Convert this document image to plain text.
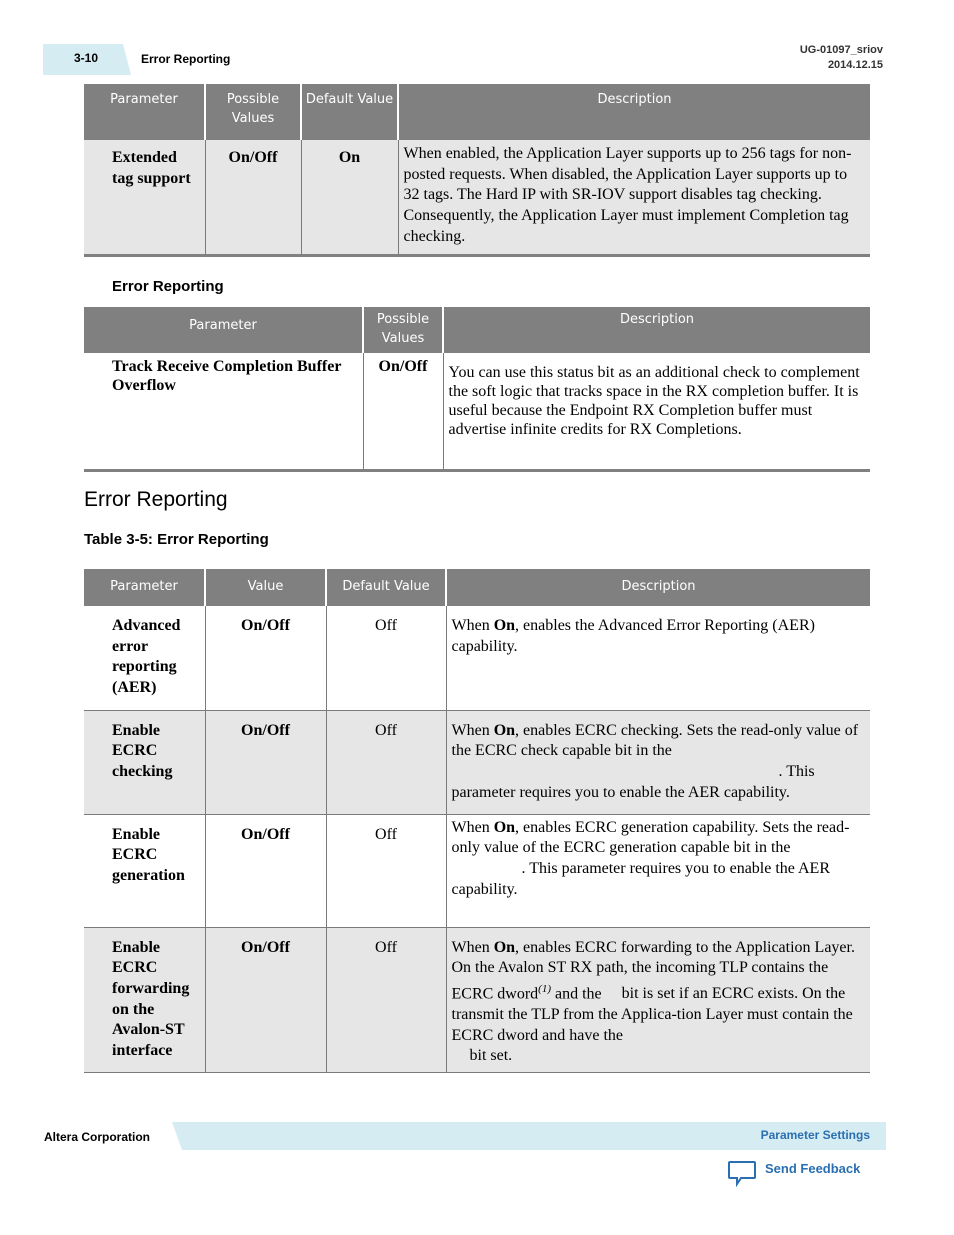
3-10	Error Reporting
UG-01097_sriov
2014.12.15
Parameter	Possible Values	Default Value	Description
Extended tag support	On/Off	On	When enabled, the Application Layer supports up to 256 tags for non-posted requests. When disabled, the Application Layer supports up to 32 tags. The Hard IP with SR-IOV support disables tag checking. Consequently, the Application Layer must implement Completion tag checking.
Error Reporting
Parameter	Possible Values	Description
Track Receive Completion Buffer Overflow	On/Off	You can use this status bit as an additional check to complement the soft logic that tracks space in the RX completion buffer. It is useful because the Endpoint RX Completion buffer must advertise infinite credits for RX Completions.
Error Reporting
Table 3-5: Error Reporting
Parameter	Value	Default Value	Description
Advanced error reporting (AER)	On/Off	Off	When On, enables the Advanced Error Reporting (AER) capability.
Enable ECRC checking	On/Off	Off	When On, enables ECRC checking. Sets the read-only value of the ECRC check capable bit in the
. This parameter requires you to enable the AER capability.
Enable ECRC generation	On/Off	Off	When On, enables ECRC generation capability. Sets the read-only value of the ECRC generation capable bit in the
. This parameter requires you to enable the AER capability.
Enable ECRC forwarding on the Avalon-ST interface	On/Off	Off	When On, enables ECRC forwarding to the Application Layer. On the Avalon ST RX path, the incoming TLP contains the ECRC dword$^{(1)}$ and the bit is set if an ECRC exists. On the transmit the TLP from the Applica-tion Layer must contain the ECRC dword and have the
bit set.
Altera Corporation	Parameter Settings
Send Feedback
